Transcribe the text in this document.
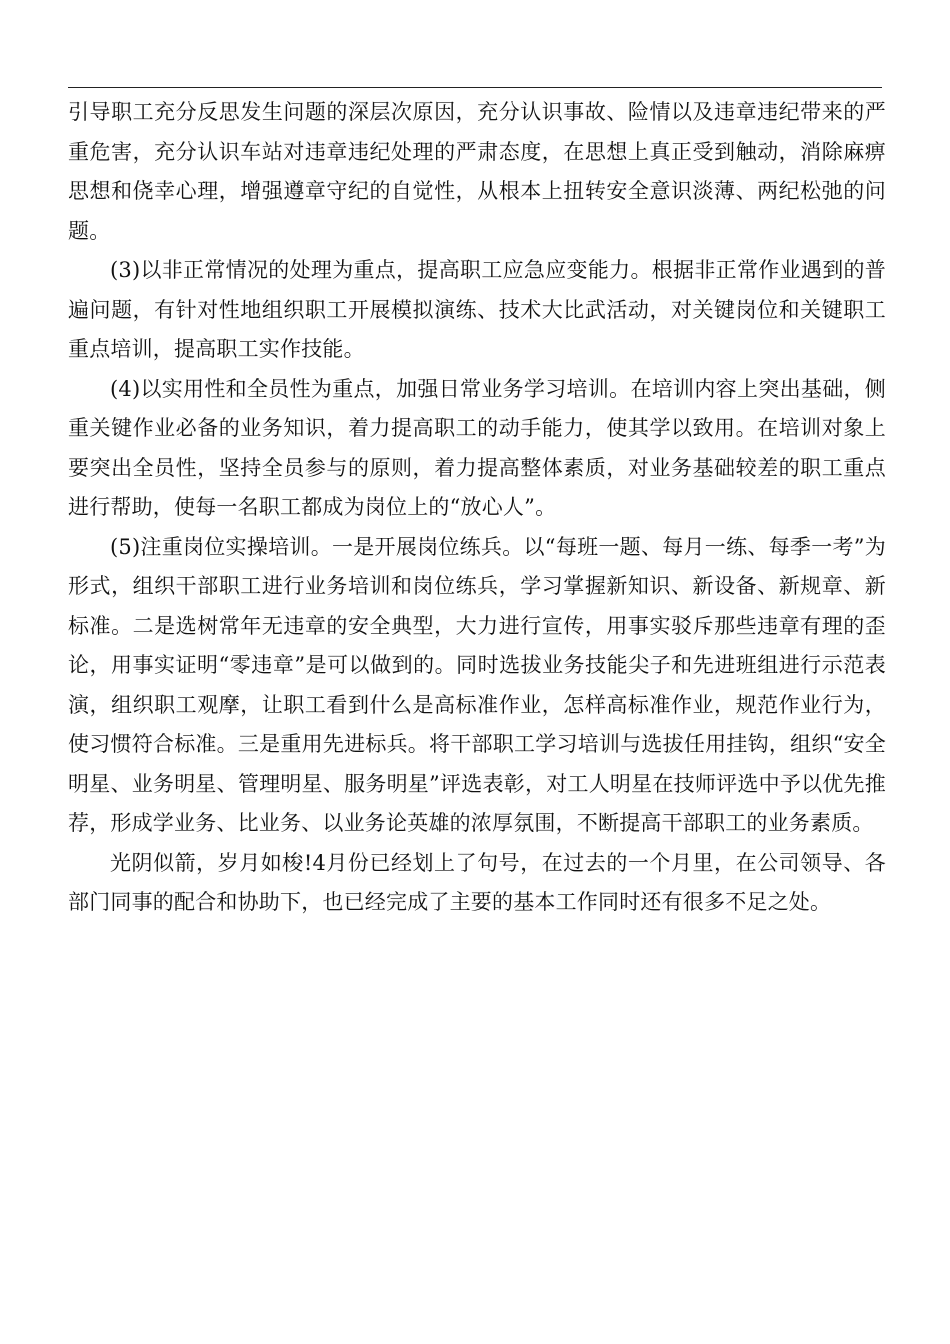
引导职工充分反思发生问题的深层次原因，充分认识事故、险情以及违章违纪带来的严重危害，充分认识车站对违章违纪处理的严肃态度，在思想上真正受到触动，消除麻痹思想和侥幸心理，增强遵章守纪的自觉性，从根本上扭转安全意识淡薄、两纪松弛的问题。

(3)以非正常情况的处理为重点，提高职工应急应变能力。根据非正常作业遇到的普遍问题，有针对性地组织职工开展模拟演练、技术大比武活动，对关键岗位和关键职工重点培训，提高职工实作技能。

(4)以实用性和全员性为重点，加强日常业务学习培训。在培训内容上突出基础，侧重关键作业必备的业务知识，着力提高职工的动手能力，使其学以致用。在培训对象上要突出全员性，坚持全员参与的原则，着力提高整体素质，对业务基础较差的职工重点进行帮助，使每一名职工都成为岗位上的“放心人”。

(5)注重岗位实操培训。一是开展岗位练兵。以“每班一题、每月一练、每季一考”为形式，组织干部职工进行业务培训和岗位练兵，学习掌握新知识、新设备、新规章、新标准。二是选树常年无违章的安全典型，大力进行宣传，用事实驳斥那些违章有理的歪论，用事实证明“零违章”是可以做到的。同时选拔业务技能尖子和先进班组进行示范表演，组织职工观摩，让职工看到什么是高标准作业，怎样高标准作业，规范作业行为，使习惯符合标准。三是重用先进标兵。将干部职工学习培训与选拔任用挂钩，组织“安全明星、业务明星、管理明星、服务明星”评选表彰，对工人明星在技师评选中予以优先推荐，形成学业务、比业务、以业务论英雄的浓厚氛围，不断提高干部职工的业务素质。

光阴似箭，岁月如梭!4月份已经划上了句号，在过去的一个月里，在公司领导、各部门同事的配合和协助下，也已经完成了主要的基本工作同时还有很多不足之处。
